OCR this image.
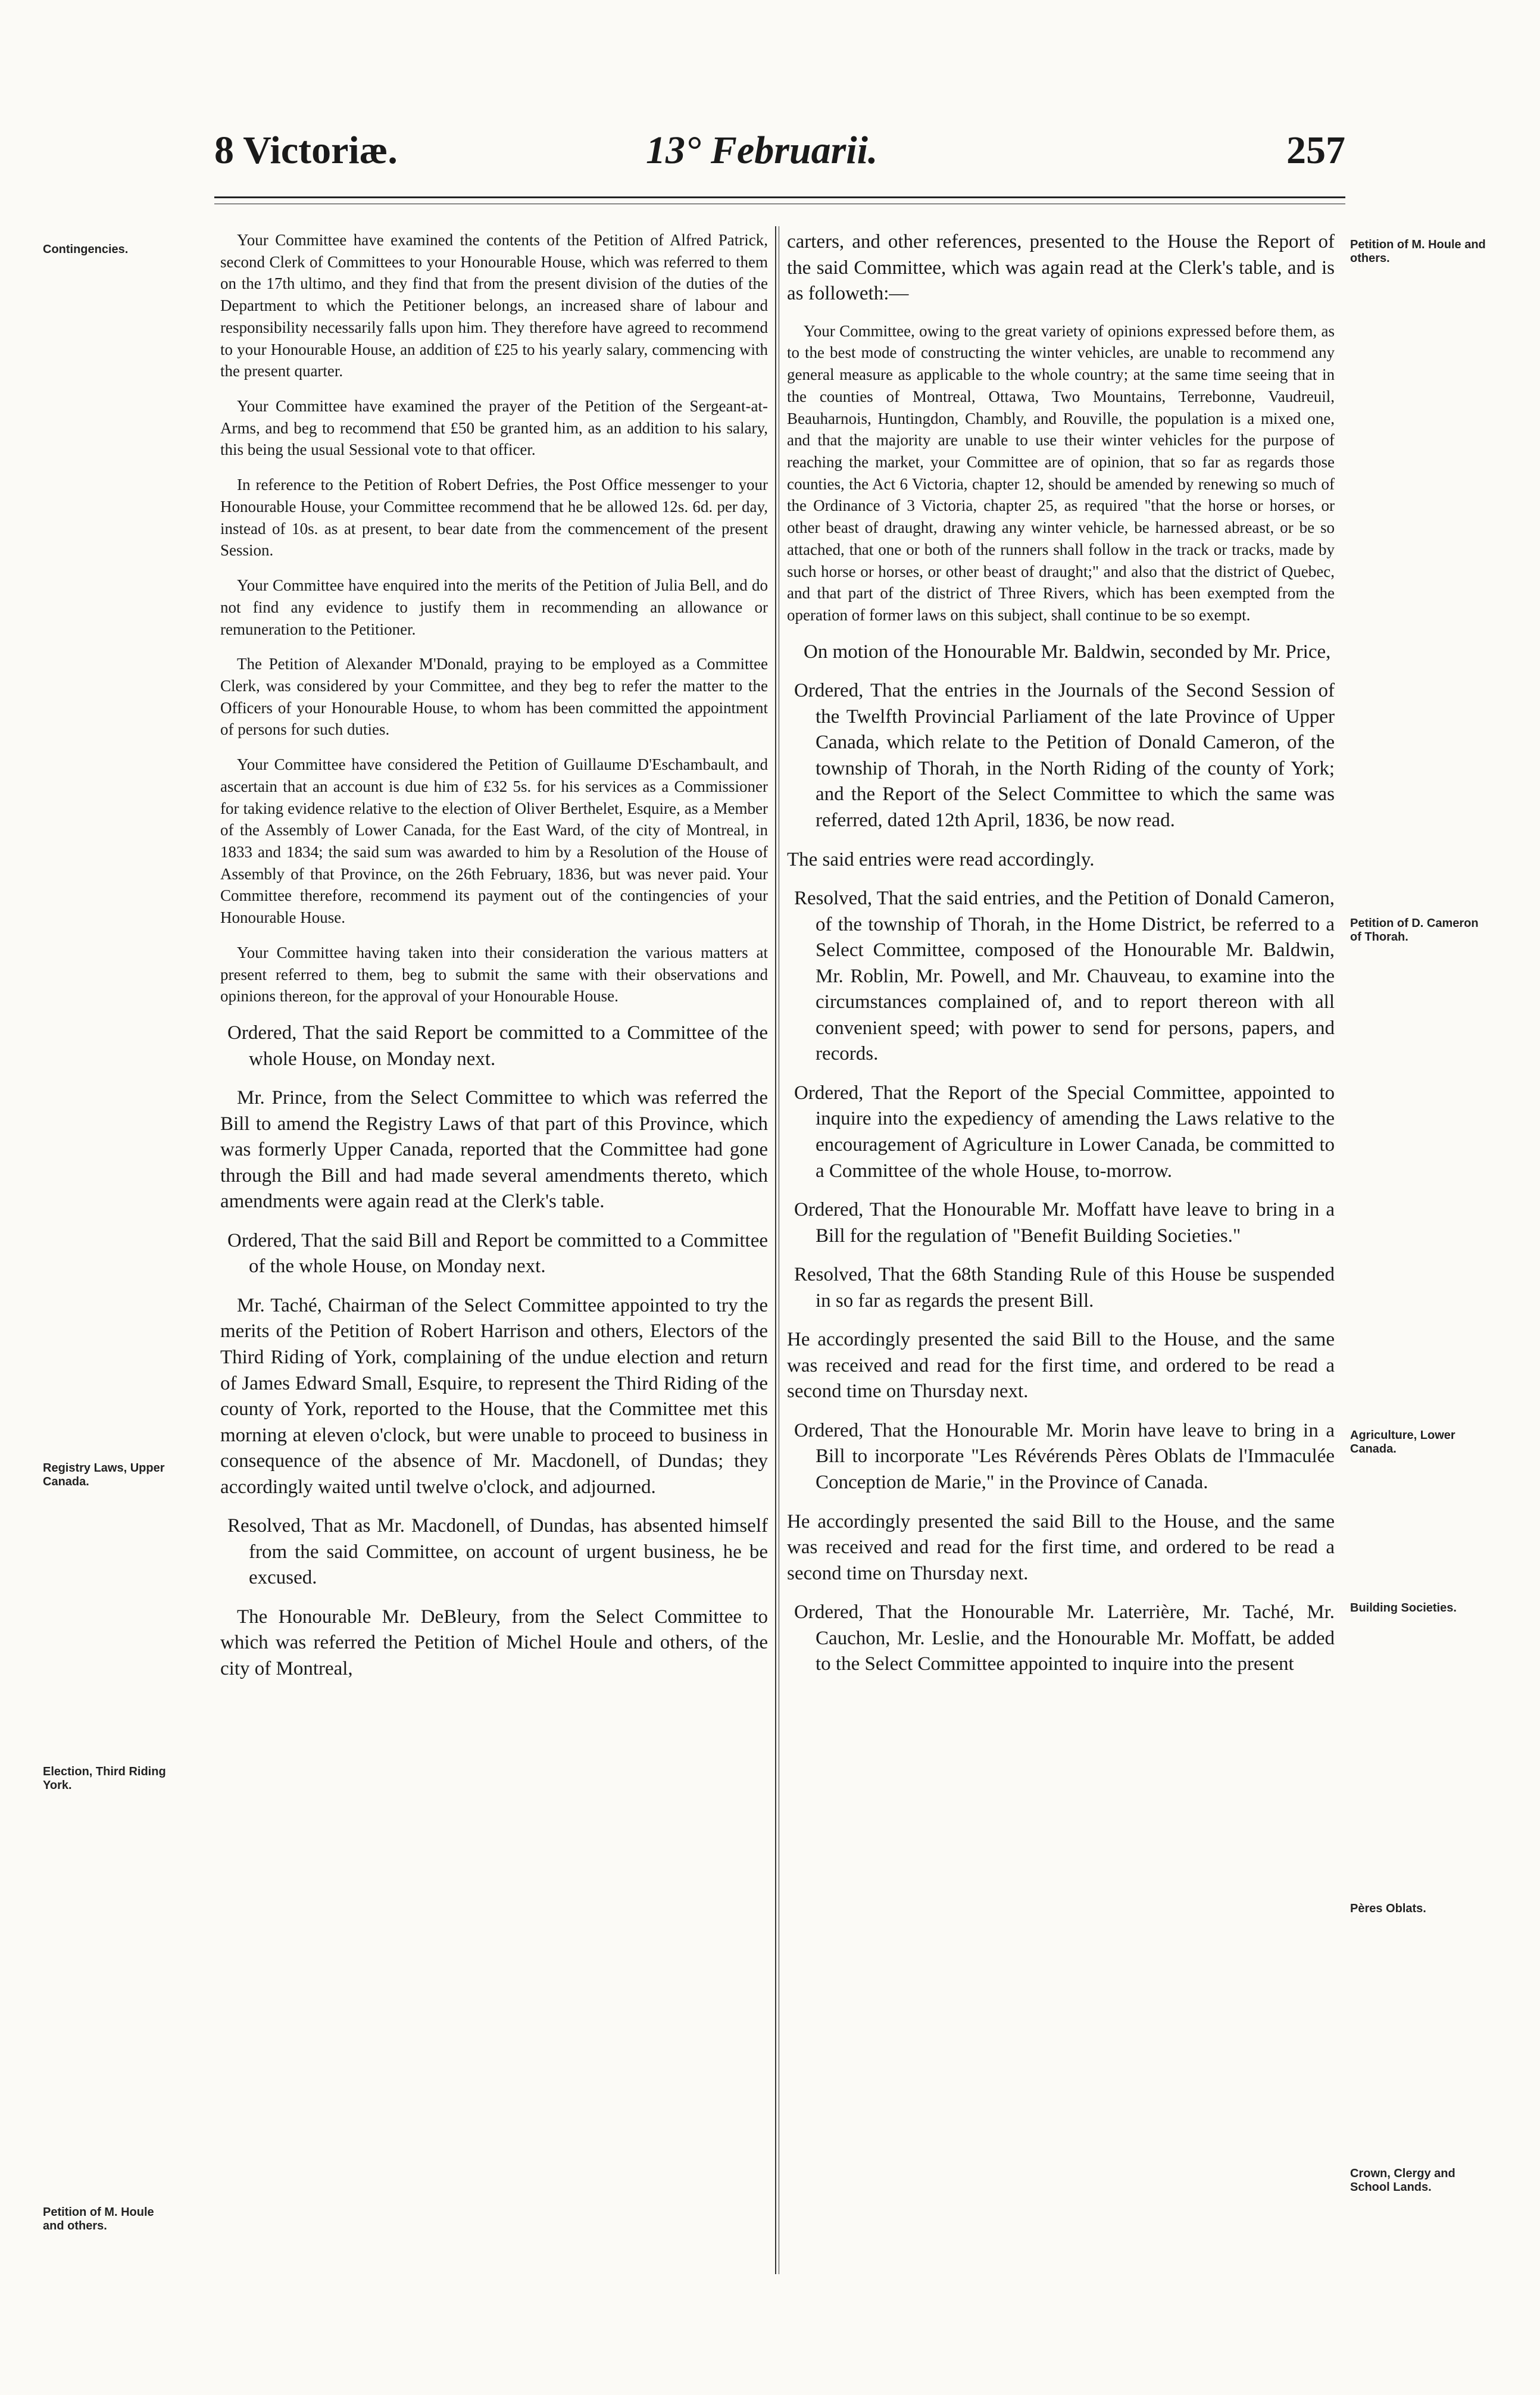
8 Victoriæ.	13° Februarii.	257
Contingencies.
Registry Laws, Upper Canada.
Election, Third Riding York.
Petition of M. Houle and others.
Petition of M. Houle and others.
Petition of D. Cameron of Thorah.
Agriculture, Lower Canada.
Building Societies.
Pères Oblats.
Crown, Clergy and School Lands.

Your Committee have examined the contents of the Petition of Alfred Patrick, second Clerk of Committees to your Honourable House, which was referred to them on the 17th ultimo, and they find that from the present division of the duties of the Department to which the Petitioner belongs, an increased share of labour and responsibility necessarily falls upon him. They therefore have agreed to recommend to your Honourable House, an addition of £25 to his yearly salary, commencing with the present quarter.

Your Committee have examined the prayer of the Petition of the Sergeant-at-Arms, and beg to recommend that £50 be granted him, as an addition to his salary, this being the usual Sessional vote to that officer.

In reference to the Petition of Robert Defries, the Post Office messenger to your Honourable House, your Committee recommend that he be allowed 12s. 6d. per day, instead of 10s. as at present, to bear date from the commencement of the present Session.

Your Committee have enquired into the merits of the Petition of Julia Bell, and do not find any evidence to justify them in recommending an allowance or remuneration to the Petitioner.

The Petition of Alexander M'Donald, praying to be employed as a Committee Clerk, was considered by your Committee, and they beg to refer the matter to the Officers of your Honourable House, to whom has been committed the appointment of persons for such duties.

Your Committee have considered the Petition of Guillaume D'Eschambault, and ascertain that an account is due him of £32 5s. for his services as a Commissioner for taking evidence relative to the election of Oliver Berthelet, Esquire, as a Member of the Assembly of Lower Canada, for the East Ward, of the city of Montreal, in 1833 and 1834; the said sum was awarded to him by a Resolution of the House of Assembly of that Province, on the 26th February, 1836, but was never paid. Your Committee therefore, recommend its payment out of the contingencies of your Honourable House.

Your Committee having taken into their consideration the various matters at present referred to them, beg to submit the same with their observations and opinions thereon, for the approval of your Honourable House.

Ordered, That the said Report be committed to a Committee of the whole House, on Monday next.

Mr. Prince, from the Select Committee to which was referred the Bill to amend the Registry Laws of that part of this Province, which was formerly Upper Canada, reported that the Committee had gone through the Bill and had made several amendments thereto, which amendments were again read at the Clerk's table.

Ordered, That the said Bill and Report be committed to a Committee of the whole House, on Monday next.

Mr. Taché, Chairman of the Select Committee appointed to try the merits of the Petition of Robert Harrison and others, Electors of the Third Riding of York, complaining of the undue election and return of James Edward Small, Esquire, to represent the Third Riding of the county of York, reported to the House, that the Committee met this morning at eleven o'clock, but were unable to proceed to business in consequence of the absence of Mr. Macdonell, of Dundas; they accordingly waited until twelve o'clock, and adjourned.

Resolved, That as Mr. Macdonell, of Dundas, has absented himself from the said Committee, on account of urgent business, he be excused.

The Honourable Mr. DeBleury, from the Select Committee to which was referred the Petition of Michel Houle and others, of the city of Montreal,

carters, and other references, presented to the House the Report of the said Committee, which was again read at the Clerk's table, and is as followeth:—

Your Committee, owing to the great variety of opinions expressed before them, as to the best mode of constructing the winter vehicles, are unable to recommend any general measure as applicable to the whole country; at the same time seeing that in the counties of Montreal, Ottawa, Two Mountains, Terrebonne, Vaudreuil, Beauharnois, Huntingdon, Chambly, and Rouville, the population is a mixed one, and that the majority are unable to use their winter vehicles for the purpose of reaching the market, your Committee are of opinion, that so far as regards those counties, the Act 6 Victoria, chapter 12, should be amended by renewing so much of the Ordinance of 3 Victoria, chapter 25, as required "that the horse or horses, or other beast of draught, drawing any winter vehicle, be harnessed abreast, or be so attached, that one or both of the runners shall follow in the track or tracks, made by such horse or horses, or other beast of draught;" and also that the district of Quebec, and that part of the district of Three Rivers, which has been exempted from the operation of former laws on this subject, shall continue to be so exempt.

On motion of the Honourable Mr. Baldwin, seconded by Mr. Price,

Ordered, That the entries in the Journals of the Second Session of the Twelfth Provincial Parliament of the late Province of Upper Canada, which relate to the Petition of Donald Cameron, of the township of Thorah, in the North Riding of the county of York; and the Report of the Select Committee to which the same was referred, dated 12th April, 1836, be now read.

The said entries were read accordingly.

Resolved, That the said entries, and the Petition of Donald Cameron, of the township of Thorah, in the Home District, be referred to a Select Committee, composed of the Honourable Mr. Baldwin, Mr. Roblin, Mr. Powell, and Mr. Chauveau, to examine into the circumstances complained of, and to report thereon with all convenient speed; with power to send for persons, papers, and records.

Ordered, That the Report of the Special Committee, appointed to inquire into the expediency of amending the Laws relative to the encouragement of Agriculture in Lower Canada, be committed to a Committee of the whole House, to-morrow.

Ordered, That the Honourable Mr. Moffatt have leave to bring in a Bill for the regulation of "Benefit Building Societies."

Resolved, That the 68th Standing Rule of this House be suspended in so far as regards the present Bill.

He accordingly presented the said Bill to the House, and the same was received and read for the first time, and ordered to be read a second time on Thursday next.

Ordered, That the Honourable Mr. Morin have leave to bring in a Bill to incorporate "Les Révérends Pères Oblats de l'Immaculée Conception de Marie," in the Province of Canada.

He accordingly presented the said Bill to the House, and the same was received and read for the first time, and ordered to be read a second time on Thursday next.

Ordered, That the Honourable Mr. Laterrière, Mr. Taché, Mr. Cauchon, Mr. Leslie, and the Honourable Mr. Moffatt, be added to the Select Committee appointed to inquire into the present
